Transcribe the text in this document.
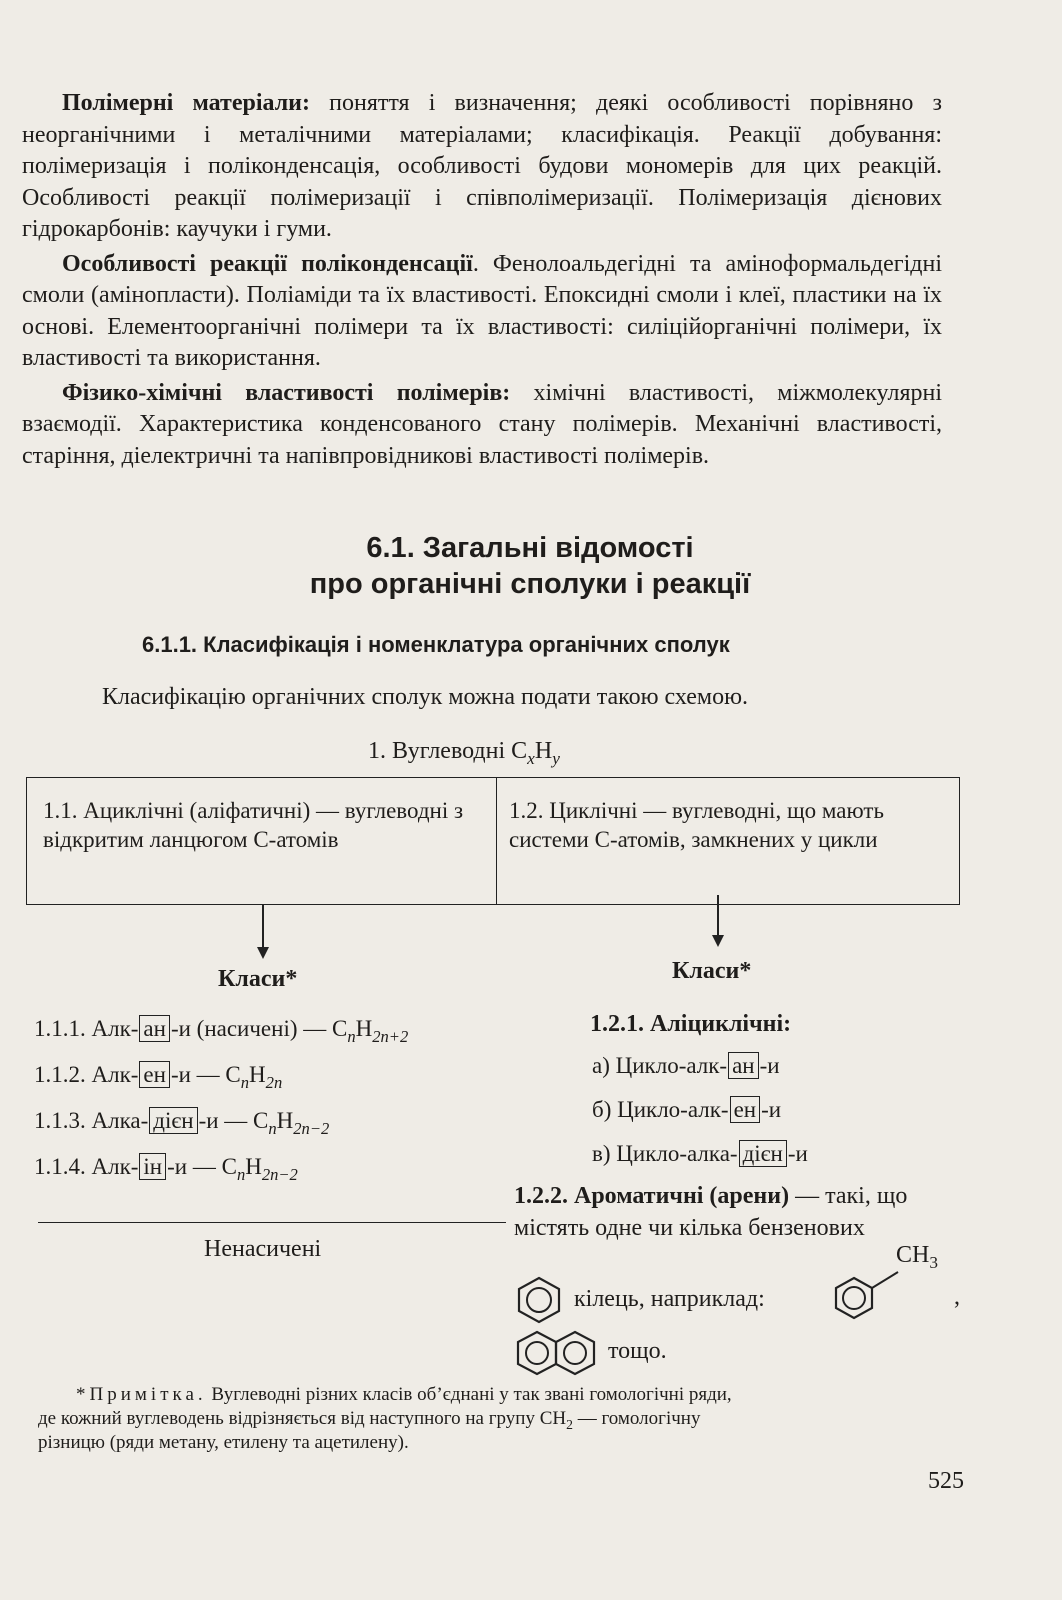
Полімерні матеріали: поняття і визначення; деякі особливості порівняно з неорганічними і металічними матеріалами; класифікація. Реакції добування: полімеризація і поліконденсація, особливості будови мономерів для цих реакцій. Особливості реакції полімеризації і співполімеризації. Полімеризація дієнових гідрокарбонів: каучуки і гуми.

Особливості реакції поліконденсації. Фенолоальдегідні та амінoформальдегідні смоли (амінопласти). Поліаміди та їх властивості. Епоксидні смоли і клеї, пластики на їх основі. Елементоорганічні полімери та їх властивості: силіційорганічні полімери, їх властивості та використання.

Фізико-хімічні властивості полімерів: хімічні властивості, міжмолекулярні взаємодії. Характеристика конденсованого стану полімерів. Механічні властивості, старіння, діелектричні та напівпровідникові властивості полімерів.

6.1. Загальні відомості
про органічні сполуки і реакції
6.1.1. Класифікація і номенклатура органічних сполук
Класифікацію органічних сполук можна подати такою схемою.
1. Вуглеводні $C_xH_y$
1.1. Ациклічні (аліфатичні) — вуглеводні з відкритим ланцюгом С-атомів
1.2. Циклічні — вуглеводні, що мають системи С-атомів, замкнених у цикли
Класи*	Класи*
1.1.1. Алк- ан -и (насичені) — $C_nH_{2n+2}$
1.1.2. Алк- ен -и — $C_nH_{2n}$
1.1.3. Алка- дієн -и — $C_nH_{2n-2}$
1.1.4. Алк- ін -и — $C_nH_{2n-2}$
Ненасичені
1.2.1. Аліциклічні:
а) Цикло-алк- ан -и
б) Цикло-алк- ен -и
в) Цикло-алка- дієн -и
1.2.2. Ароматичні (арени) — такі, що
містять одне чи кілька бензенових
$CH_3$
кілець, наприклад:	,
тощо.
*Примітка. Вуглеводні різних класів об’єднані у так звані гомологічні ряди,
де кожний вуглеводень відрізняється від наступного на групу $CH_2$ — гомологічну
різницю (ряди метану, етилену та ацетилену).
525
